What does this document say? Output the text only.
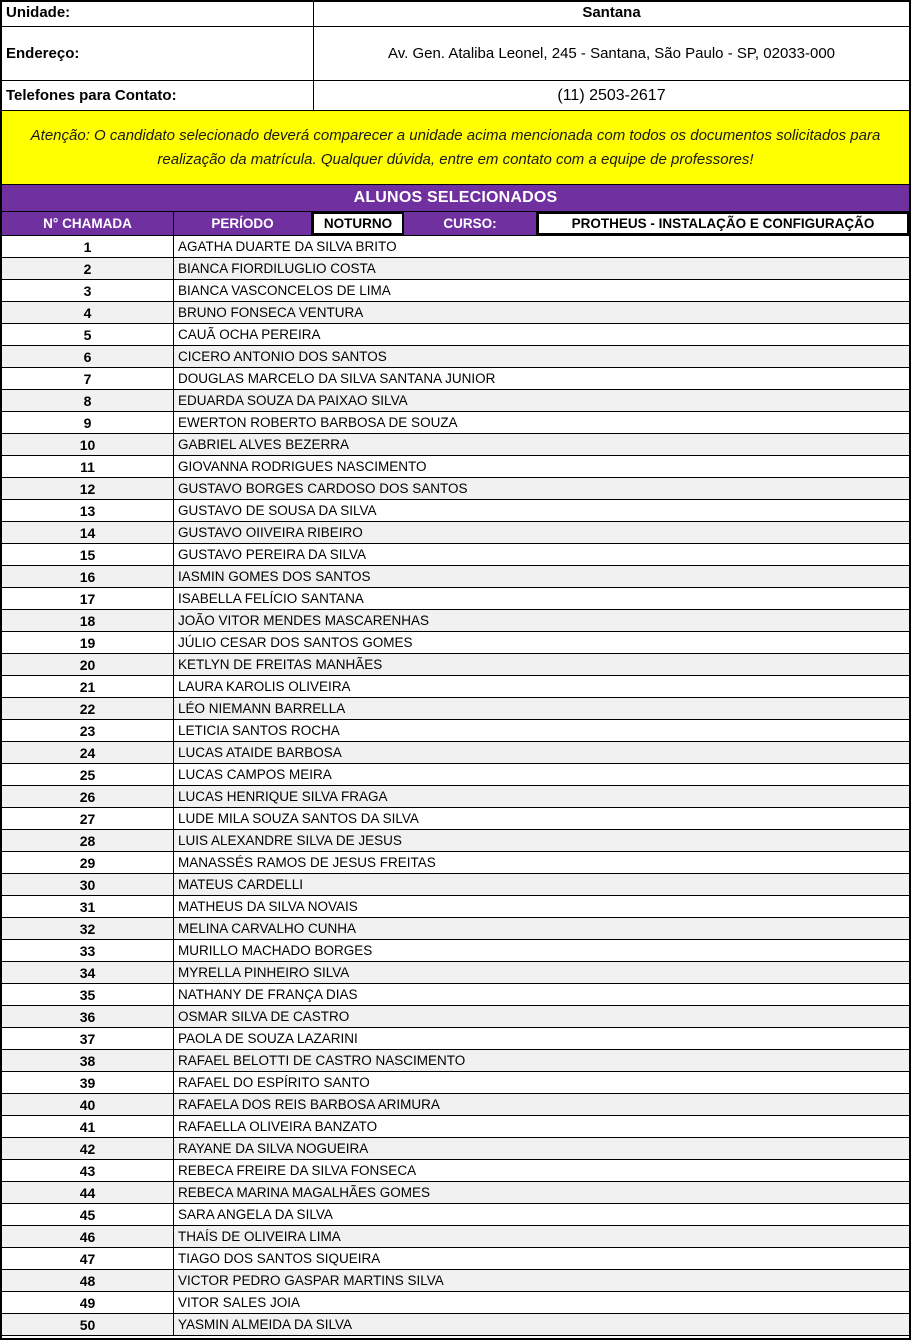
Unidade:	Santana
Endereço:	Av. Gen. Ataliba Leonel, 245 - Santana, São Paulo - SP, 02033-000
Telefones para Contato:	(11) 2503-2617
Atenção: O candidato selecionado deverá comparecer a unidade acima mencionada com todos os documentos solicitados para realização da matrícula. Qualquer dúvida, entre em contato com a equipe de professores!
ALUNOS SELECIONADOS
N° CHAMADA	PERÍODO	NOTURNO	CURSO:	PROTHEUS - INSTALAÇÃO E CONFIGURAÇÃO
1	AGATHA DUARTE DA SILVA BRITO
2	BIANCA FIORDILUGLIO COSTA
3	BIANCA VASCONCELOS DE LIMA
4	BRUNO FONSECA VENTURA
5	CAUÃ OCHA PEREIRA
6	CICERO ANTONIO DOS SANTOS
7	DOUGLAS MARCELO DA SILVA SANTANA JUNIOR
8	EDUARDA SOUZA DA PAIXAO SILVA
9	EWERTON ROBERTO BARBOSA DE SOUZA
10	GABRIEL ALVES BEZERRA
11	GIOVANNA RODRIGUES NASCIMENTO
12	GUSTAVO BORGES CARDOSO DOS SANTOS
13	GUSTAVO DE SOUSA DA SILVA
14	GUSTAVO OIIVEIRA RIBEIRO
15	GUSTAVO PEREIRA DA SILVA
16	IASMIN GOMES DOS SANTOS
17	ISABELLA FELÍCIO SANTANA
18	JOÃO VITOR MENDES MASCARENHAS
19	JÚLIO CESAR DOS SANTOS GOMES
20	KETLYN DE FREITAS MANHÃES
21	LAURA KAROLIS OLIVEIRA
22	LÉO NIEMANN BARRELLA
23	LETICIA SANTOS ROCHA
24	LUCAS ATAIDE BARBOSA
25	LUCAS CAMPOS MEIRA
26	LUCAS HENRIQUE SILVA FRAGA
27	LUDE MILA SOUZA SANTOS DA SILVA
28	LUIS ALEXANDRE SILVA DE JESUS
29	MANASSÉS RAMOS DE JESUS FREITAS
30	MATEUS CARDELLI
31	MATHEUS DA SILVA NOVAIS
32	MELINA CARVALHO CUNHA
33	MURILLO MACHADO BORGES
34	MYRELLA PINHEIRO SILVA
35	NATHANY DE FRANÇA DIAS
36	OSMAR SILVA DE CASTRO
37	PAOLA DE SOUZA LAZARINI
38	RAFAEL BELOTTI DE CASTRO NASCIMENTO
39	RAFAEL DO ESPÍRITO SANTO
40	RAFAELA DOS REIS BARBOSA ARIMURA
41	RAFAELLA OLIVEIRA BANZATO
42	RAYANE DA SILVA NOGUEIRA
43	REBECA FREIRE DA SILVA FONSECA
44	REBECA MARINA MAGALHÃES GOMES
45	SARA ANGELA DA SILVA
46	THAÍS DE OLIVEIRA LIMA
47	TIAGO DOS SANTOS SIQUEIRA
48	VICTOR PEDRO GASPAR MARTINS SILVA
49	VITOR SALES JOIA
50	YASMIN ALMEIDA DA SILVA
